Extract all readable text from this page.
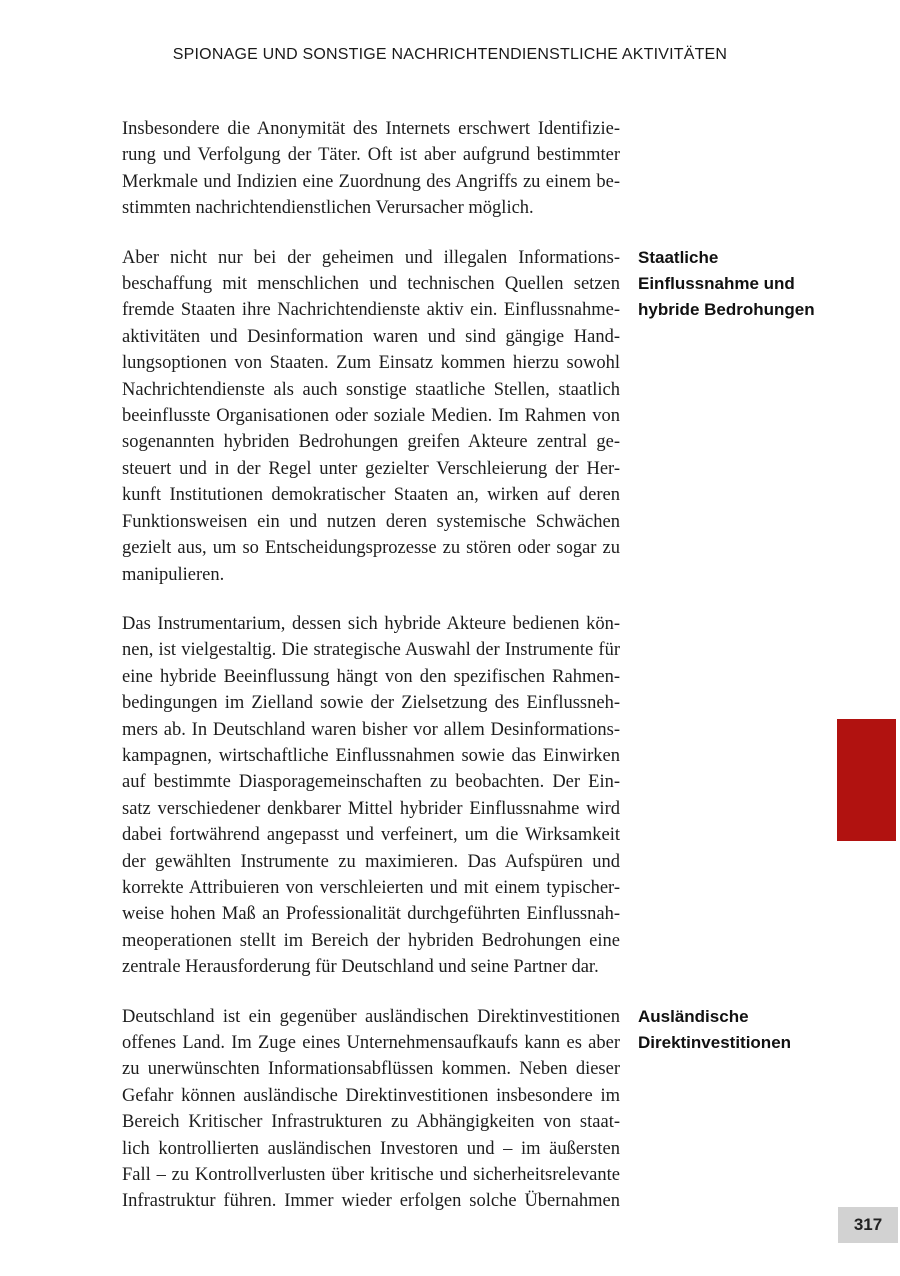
SPIONAGE UND SONSTIGE NACHRICHTENDIENSTLICHE AKTIVITÄTEN
Insbesondere die Anonymität des Internets erschwert Identifizie-
rung und Verfolgung der Täter. Oft ist aber aufgrund bestimmter
Merkmale und Indizien eine Zuordnung des Angriffs zu einem be-
stimmten nachrichtendienstlichen Verursacher möglich.
Aber nicht nur bei der geheimen und illegalen Informations-
beschaffung mit menschlichen und technischen Quellen setzen
fremde Staaten ihre Nachrichtendienste aktiv ein. Einflussnahme-
aktivitäten und Desinformation waren und sind gängige Hand-
lungsoptionen von Staaten. Zum Einsatz kommen hierzu sowohl
Nachrichtendienste als auch sonstige staatliche Stellen, staatlich
beeinflusste Organisationen oder soziale Medien. Im Rahmen von
sogenannten hybriden Bedrohungen greifen Akteure zentral ge-
steuert und in der Regel unter gezielter Verschleierung der Her-
kunft Institutionen demokratischer Staaten an, wirken auf deren
Funktionsweisen ein und nutzen deren systemische Schwächen
gezielt aus, um so Entscheidungsprozesse zu stören oder sogar zu
manipulieren.
Staatliche
Einflussnahme und
hybride Bedrohungen
Das Instrumentarium, dessen sich hybride Akteure bedienen kön-
nen, ist vielgestaltig. Die strategische Auswahl der Instrumente für
eine hybride Beeinflussung hängt von den spezifischen Rahmen-
bedingungen im Zielland sowie der Zielsetzung des Einflussneh-
mers ab. In Deutschland waren bisher vor allem Desinformations-
kampagnen, wirtschaftliche Einflussnahmen sowie das Einwirken
auf bestimmte Diasporagemeinschaften zu beobachten. Der Ein-
satz verschiedener denkbarer Mittel hybrider Einflussnahme wird
dabei fortwährend angepasst und verfeinert, um die Wirksamkeit
der gewählten Instrumente zu maximieren. Das Aufspüren und
korrekte Attribuieren von verschleierten und mit einem typischer-
weise hohen Maß an Professionalität durchgeführten Einflussnah-
meoperationen stellt im Bereich der hybriden Bedrohungen eine
zentrale Herausforderung für Deutschland und seine Partner dar.
Deutschland ist ein gegenüber ausländischen Direktinvestitionen
offenes Land. Im Zuge eines Unternehmensaufkaufs kann es aber
zu unerwünschten Informationsabflüssen kommen. Neben dieser
Gefahr können ausländische Direktinvestitionen insbesondere im
Bereich Kritischer Infrastrukturen zu Abhängigkeiten von staat-
lich kontrollierten ausländischen Investoren und – im äußersten
Fall – zu Kontrollverlusten über kritische und sicherheitsrelevante
Infrastruktur führen. Immer wieder erfolgen solche Übernahmen
Ausländische
Direktinvestitionen
317
